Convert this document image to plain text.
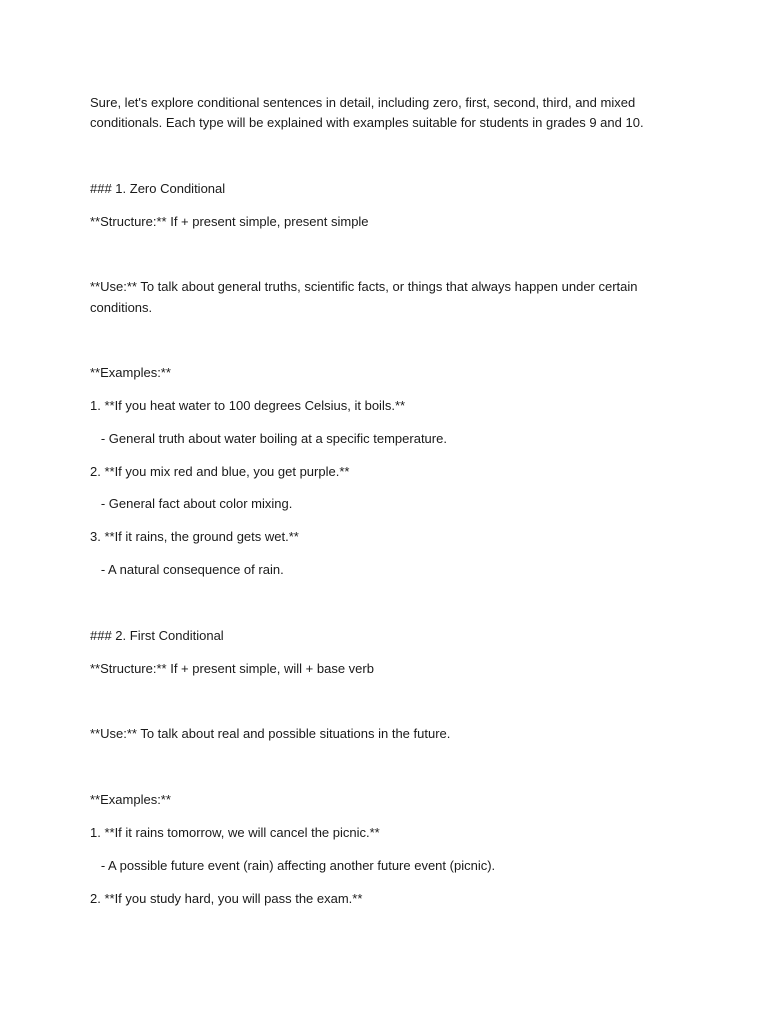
Sure, let's explore conditional sentences in detail, including zero, first, second, third, and mixed
conditionals. Each type will be explained with examples suitable for students in grades 9 and 10.
### 1. Zero Conditional
**Structure:** If + present simple, present simple
**Use:** To talk about general truths, scientific facts, or things that always happen under certain
conditions.
**Examples:**
1. **If you heat water to 100 degrees Celsius, it boils.**
- General truth about water boiling at a specific temperature.
2. **If you mix red and blue, you get purple.**
- General fact about color mixing.
3. **If it rains, the ground gets wet.**
- A natural consequence of rain.
### 2. First Conditional
**Structure:** If + present simple, will + base verb
**Use:** To talk about real and possible situations in the future.
**Examples:**
1. **If it rains tomorrow, we will cancel the picnic.**
- A possible future event (rain) affecting another future event (picnic).
2. **If you study hard, you will pass the exam.**
